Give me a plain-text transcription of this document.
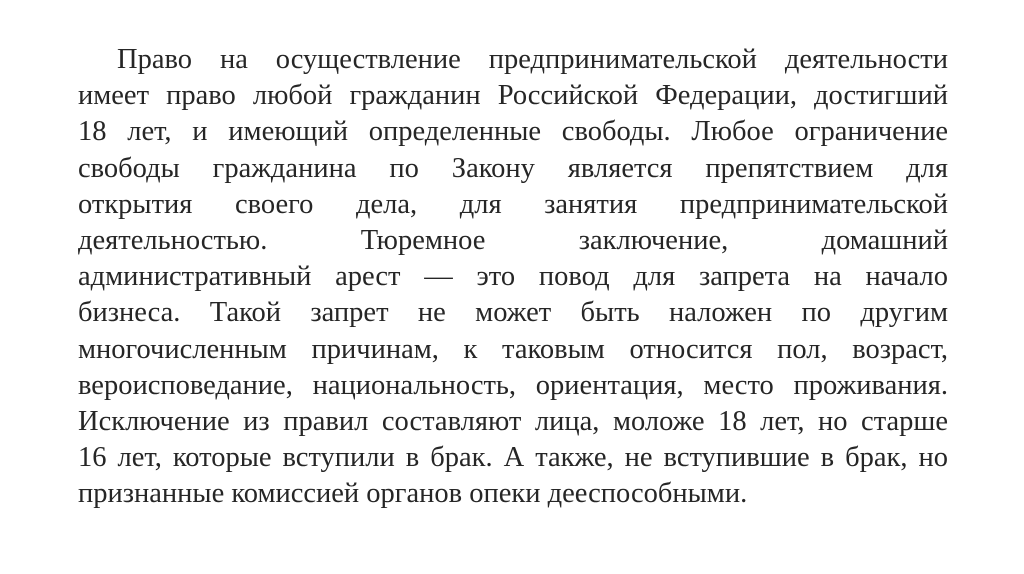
Право на осуществление предпринимательской деятельности
имеет право любой гражданин Российской Федерации, достигший
18 лет, и имеющий определенные свободы. Любое ограничение
свободы гражданина по Закону является препятствием для
открытия своего дела, для занятия предпринимательской
деятельностью. Тюремное заключение, домашний
административный арест — это повод для запрета на начало
бизнеса. Такой запрет не может быть наложен по другим
многочисленным причинам, к таковым относится пол, возраст,
вероисповедание, национальность, ориентация, место проживания.
Исключение из правил составляют лица, моложе 18 лет, но старше
16 лет, которые вступили в брак. А также, не вступившие в брак, но
признанные комиссией органов опеки дееспособными.
